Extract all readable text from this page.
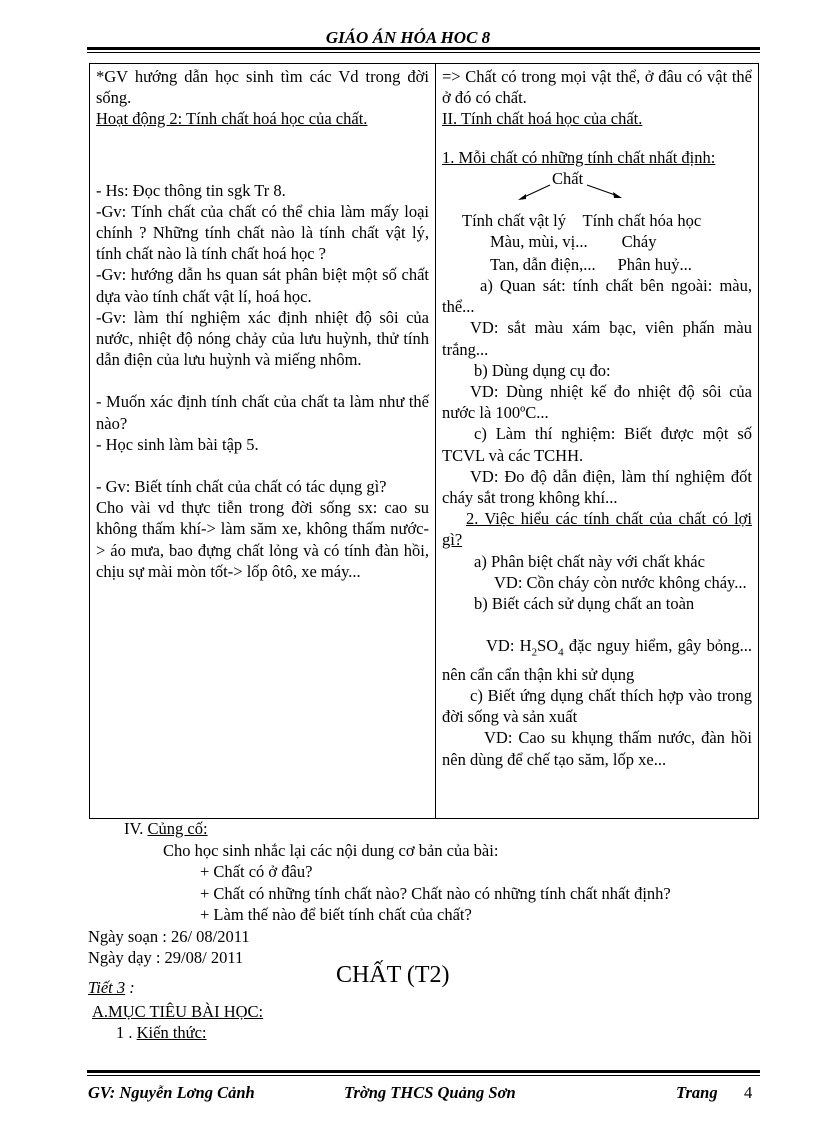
GIÁO ÁN HÓA HOC 8
*GV hướng dẫn học sinh tìm các Vd trong đời sống.
Hoạt động 2: Tính chất hoá học của chất.
- Hs: Đọc thông tin sgk Tr 8.
-Gv: Tính chất của chất có thể chia làm mấy loại chính ? Những tính chất nào là tính chất vật lý, tính chất nào là tính chất hoá học ?
-Gv: hướng dẫn hs quan sát phân biệt một số chất dựa vào tính chất vật lí, hoá học.
-Gv: làm thí nghiệm xác định nhiệt độ sôi của nước, nhiệt độ nóng chảy của lưu huỳnh, thử tính dẫn điện của lưu huỳnh và miếng nhôm.
- Muốn xác định tính chất của chất ta làm như thế nào?
- Học sinh làm bài tập 5.
- Gv: Biết tính chất của chất có tác dụng gì?
Cho vài vd thực tiễn trong đời sống sx: cao su không thấm khí-> làm săm xe, không thấm nước-> áo mưa, bao đựng chất lỏng và có tính đàn hồi, chịu sự mài mòn tốt-> lốp ôtô, xe máy...

=> Chất có trong mọi vật thể, ở đâu có vật thể ở đó có chất.
II. Tính chất hoá học của chất.
1. Mỗi chất có những tính chất nhất định:
Chất
Tính chất vật lý Tính chất hóa học
Màu, mùi, vị... Cháy
Tan, dẫn điện,... Phân huỷ...
a) Quan sát: tính chất bên ngoài: màu, thể...
VD: sắt màu xám bạc, viên phấn màu trắng...
b) Dùng dụng cụ đo:
VD: Dùng nhiệt kế đo nhiệt độ sôi của nước là 100ºC...
c) Làm thí nghiệm: Biết được một số TCVL và các TCHH.
VD: Đo độ dẫn điện, làm thí nghiệm đốt cháy sắt trong không khí...
2. Việc hiểu các tính chất của chất có lợi gì?
a) Phân biệt chất này với chất khác
VD: Cồn cháy còn nước không cháy...
b) Biết cách sử dụng chất an toàn
VD: $H_2SO_4$ đặc nguy hiểm, gây bỏng... nên cẩn cẩn thận khi sử dụng
c) Biết ứng dụng chất thích hợp vào trong đời sống và sản xuất
VD: Cao su khụng thấm nước, đàn hồi nên dùng để chế tạo săm, lốp xe...
IV. Củng cố:
Cho học sinh nhắc lại các nội dung cơ bản của bài:
+ Chất có ở đâu?
+ Chất có những tính chất nào? Chất nào có những tính chất nhất định?
+ Làm thế nào để biết tính chất của chất?
Ngày soạn : 26/ 08/2011
Ngày dạy : 29/08/ 2011
Tiết 3 :	CHẤT (T2)
A.MỤC TIÊU BÀI HỌC:
1 . Kiến thức:
GV: Nguyễn Lơng Cảnh	Trờng THCS Quảng Sơn	Trang 4
